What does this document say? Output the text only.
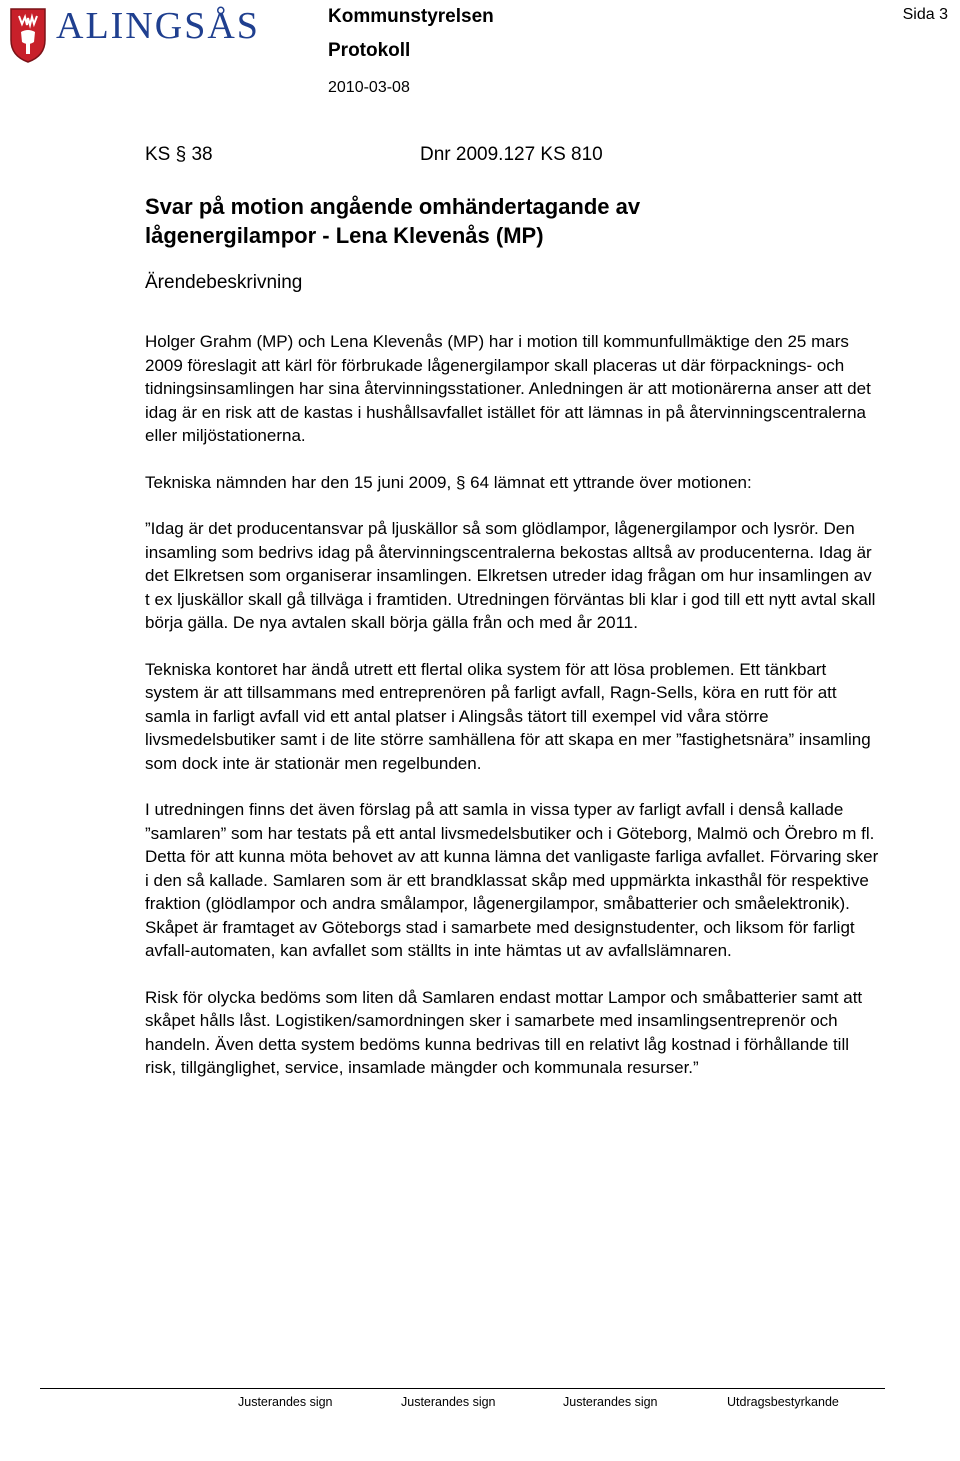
ALINGSÅS	Kommunstyrelsen
Protokoll
2010-03-08
Sida 3
KS § 38	Dnr 2009.127 KS 810
Svar på motion angående omhändertagande av
lågenergilampor - Lena Klevenås (MP)
Ärendebeskrivning

Holger Grahm (MP) och Lena Klevenås (MP) har i motion till kommunfullmäktige den 25 mars 2009 föreslagit att kärl för förbrukade lågenergilampor skall placeras ut där förpacknings- och tidningsinsamlingen har sina återvinningsstationer. Anledningen är att motionärerna anser att det idag är en risk att de kastas i hushållsavfallet istället för att lämnas in på återvinningscentralerna eller miljöstationerna.

Tekniska nämnden har den 15 juni 2009, § 64 lämnat ett yttrande över motionen:

”Idag är det producentansvar på ljuskällor så som glödlampor, lågenergilampor och lysrör. Den insamling som bedrivs idag på återvinningscentralerna bekostas alltså av producenterna. Idag är det Elkretsen som organiserar insamlingen. Elkretsen utreder idag frågan om hur insamlingen av t ex ljuskällor skall gå tillväga i framtiden. Utredningen förväntas bli klar i god till ett nytt avtal skall börja gälla. De nya avtalen skall börja gälla från och med år 2011.

Tekniska kontoret har ändå utrett ett flertal olika system för att lösa problemen. Ett tänkbart system är att tillsammans med entreprenören på farligt avfall, Ragn-Sells, köra en rutt för att samla in farligt avfall vid ett antal platser i Alingsås tätort till exempel vid våra större livsmedelsbutiker samt i de lite större samhällena för att skapa en mer ”fastighetsnära” insamling som dock inte är stationär men regelbunden.

I utredningen finns det även förslag på att samla in vissa typer av farligt avfall i denså kallade ”samlaren” som har testats på ett antal livsmedelsbutiker och i Göteborg, Malmö och Örebro m fl. Detta för att kunna möta behovet av att kunna lämna det vanligaste farliga avfallet. Förvaring sker i den så kallade. Samlaren som är ett brandklassat skåp med uppmärkta inkasthål för respektive fraktion (glödlampor och andra smålampor, lågenergilampor, småbatterier och småelektronik). Skåpet är framtaget av Göteborgs stad i samarbete med designstudenter, och liksom för farligt avfall-automaten, kan avfallet som ställts in inte hämtas ut av avfallslämnaren.

Risk för olycka bedöms som liten då Samlaren endast mottar Lampor och småbatterier samt att skåpet hålls låst. Logistiken/samordningen sker i samarbete med insamlingsentreprenör och handeln. Även detta system bedöms kunna bedrivas till en relativt låg kostnad i förhållande till risk, tillgänglighet, service, insamlade mängder och kommunala resurser.”

Justerandes sign	Justerandes sign	Justerandes sign	Utdragsbestyrkande
